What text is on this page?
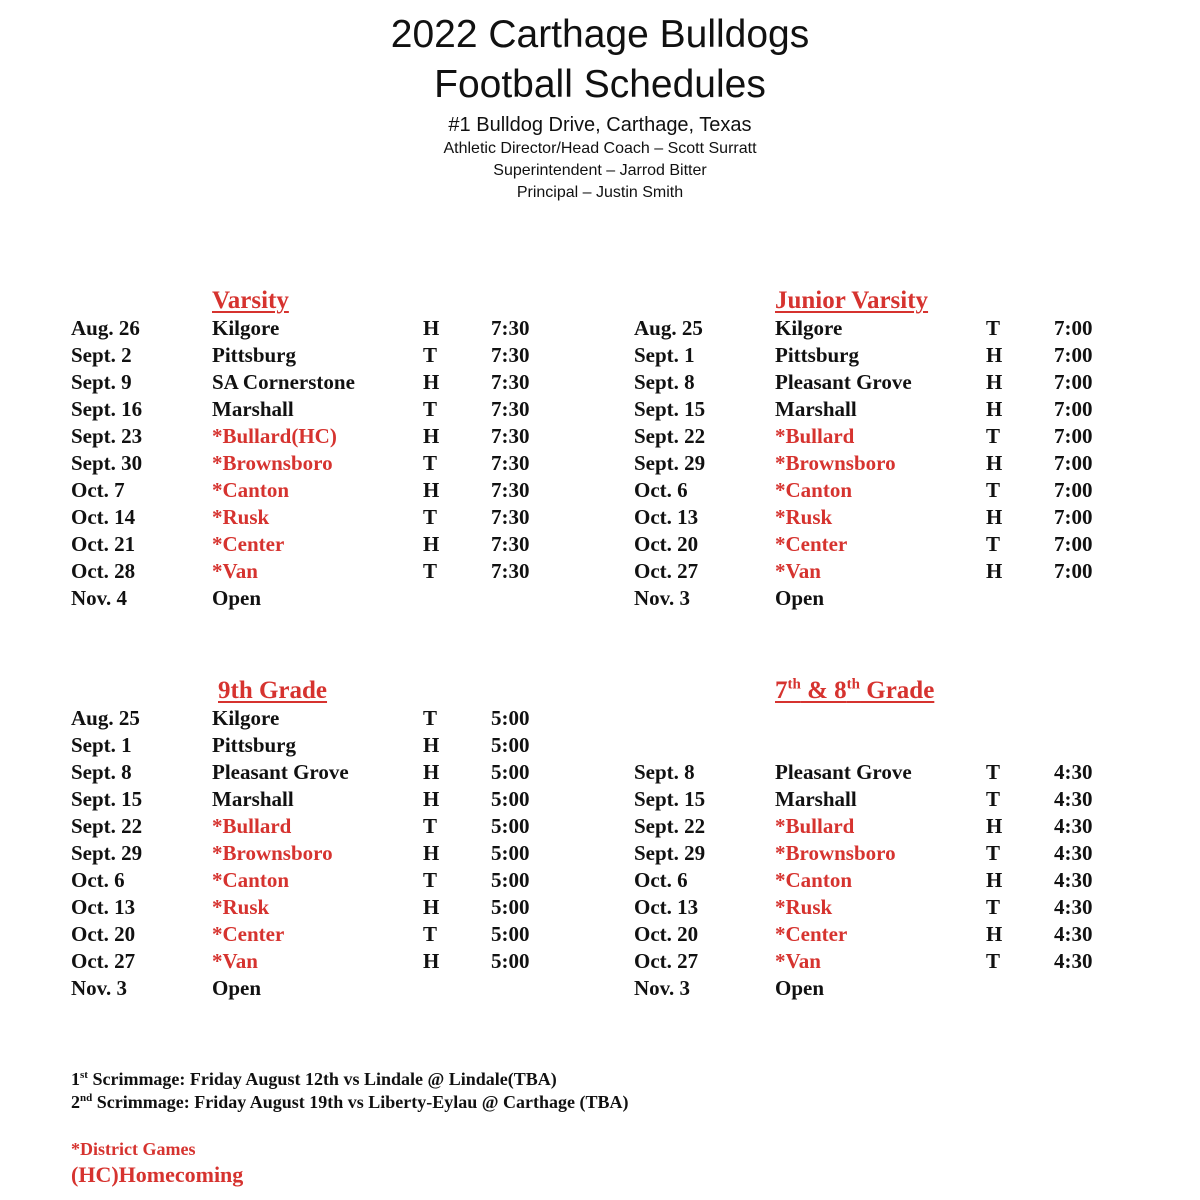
2022 Carthage Bulldogs
Football Schedules
#1 Bulldog Drive, Carthage, Texas
Athletic Director/Head Coach – Scott Surratt
Superintendent – Jarrod Bitter
Principal – Justin Smith
Varsity
Aug. 26	Kilgore	H 7:30
Sept. 2	Pittsburg	T	7:30
Sept. 9	SA Cornerstone	H 7:30
Sept. 16	Marshall	T	7:30
Sept. 23	*Bullard(HC)	H 7:30
Sept. 30	*Brownsboro	T	7:30
Oct. 7	*Canton	H 7:30
Oct. 14	*Rusk	T	7:30
Oct. 21	*Center	H 7:30
Oct. 28	*Van	T	7:30
Nov. 4	Open
Junior Varsity
Aug. 25	Kilgore	T	7:00
Sept. 1	Pittsburg	H 7:00
Sept. 8	Pleasant Grove	H 7:00
Sept. 15	Marshall	H 7:00
Sept. 22	*Bullard	T	7:00
Sept. 29	*Brownsboro	H 7:00
Oct. 6	*Canton	T	7:00
Oct. 13	*Rusk	H 7:00
Oct. 20	*Center	T	7:00
Oct. 27	*Van	H 7:00
Nov. 3	Open
9th Grade
Aug. 25	Kilgore	T	5:00
Sept. 1	Pittsburg	H 5:00
Sept. 8	Pleasant Grove	H 5:00
Sept. 15	Marshall	H 5:00
Sept. 22	*Bullard	T	5:00
Sept. 29	*Brownsboro	H 5:00
Oct. 6	*Canton	T	5:00
Oct. 13	*Rusk	H 5:00
Oct. 20	*Center	T	5:00
Oct. 27	*Van	H 5:00
Nov. 3	Open
7th & 8th Grade
Sept. 8	Pleasant Grove	T	4:30
Sept. 15	Marshall	T	4:30
Sept. 22	*Bullard	H 4:30
Sept. 29	*Brownsboro	T	4:30
Oct. 6	*Canton	H 4:30
Oct. 13	*Rusk	T	4:30
Oct. 20	*Center	H 4:30
Oct. 27	*Van	T	4:30
Nov. 3	Open
1st Scrimmage: Friday August 12th vs Lindale @ Lindale(TBA)
2nd Scrimmage: Friday August 19th vs Liberty-Eylau @ Carthage (TBA)
*District Games
(HC)Homecoming
